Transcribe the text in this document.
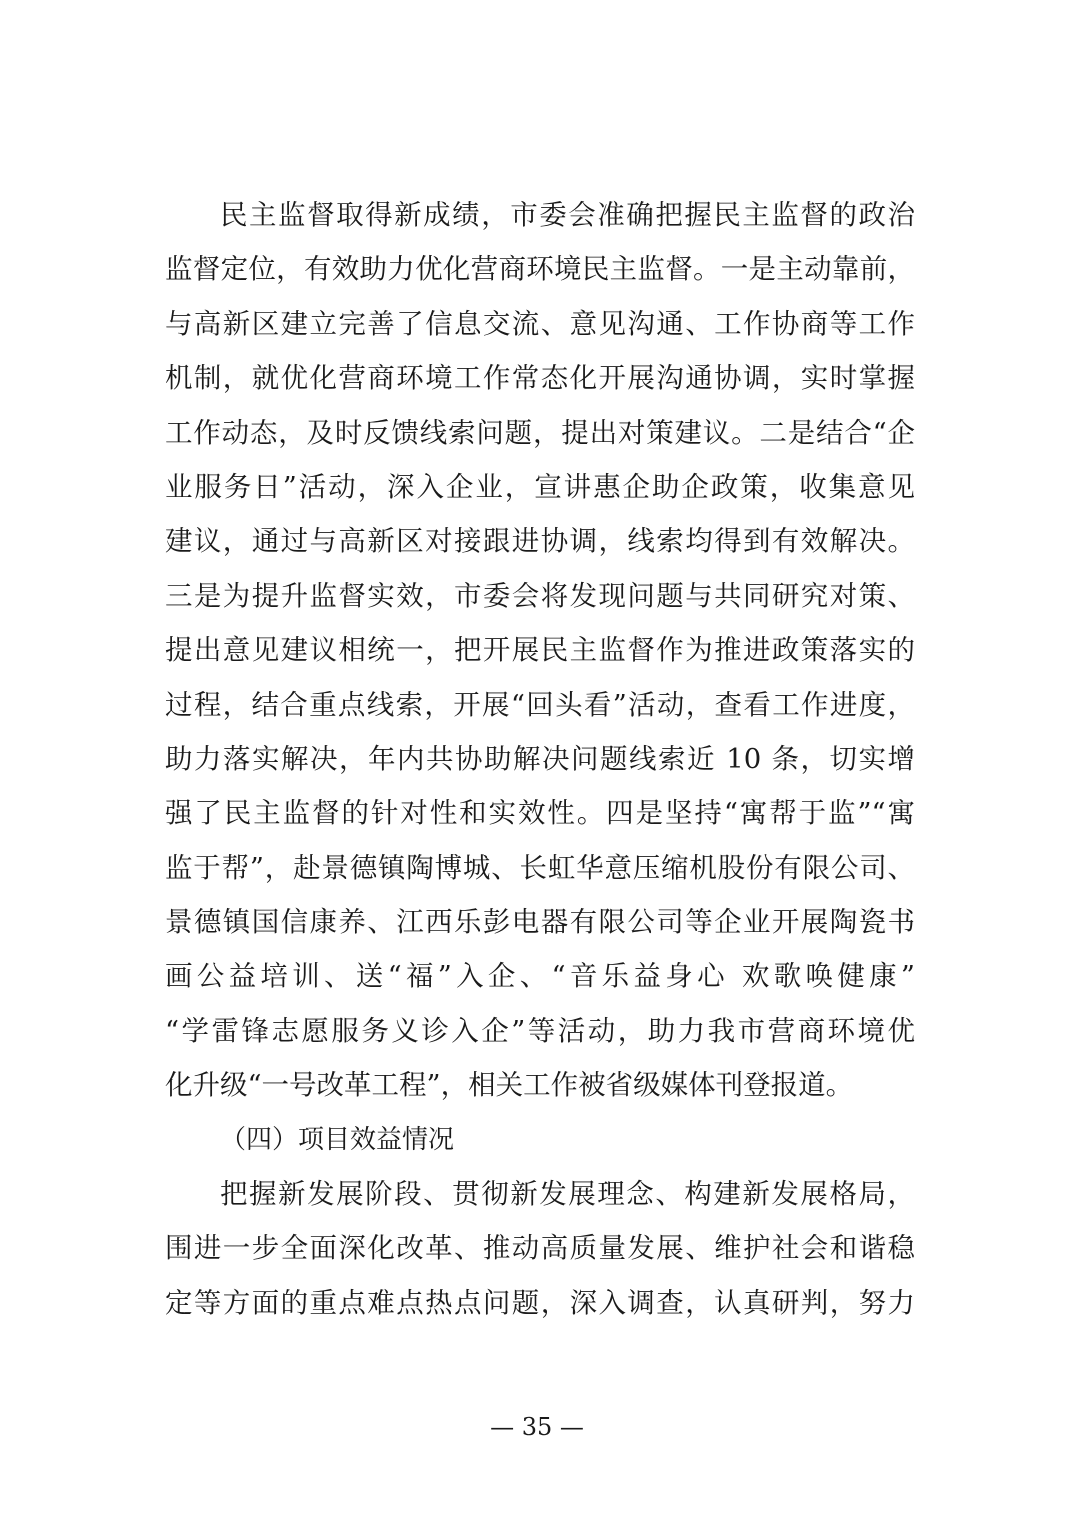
民主监督取得新成绩，市委会准确把握民主监督的政治
监督定位，有效助力优化营商环境民主监督。一是主动靠前，
与高新区建立完善了信息交流、意见沟通、工作协商等工作
机制，就优化营商环境工作常态化开展沟通协调，实时掌握
工作动态，及时反馈线索问题，提出对策建议。二是结合“企
业服务日”活动，深入企业，宣讲惠企助企政策，收集意见
建议，通过与高新区对接跟进协调，线索均得到有效解决。
三是为提升监督实效，市委会将发现问题与共同研究对策、
提出意见建议相统一，把开展民主监督作为推进政策落实的
过程，结合重点线索，开展“回头看”活动，查看工作进度，
助力落实解决，年内共协助解决问题线索近 10 条，切实增
强了民主监督的针对性和实效性。四是坚持“寓帮于监”“寓
监于帮”，赴景德镇陶博城、长虹华意压缩机股份有限公司、
景德镇国信康养、江西乐彭电器有限公司等企业开展陶瓷书
画公益培训、送“福”入企、“音乐益身心 欢歌唤健康”
“学雷锋志愿服务义诊入企”等活动，助力我市营商环境优
化升级“一号改革工程”，相关工作被省级媒体刊登报道。
（四）项目效益情况
把握新发展阶段、贯彻新发展理念、构建新发展格局，
围进一步全面深化改革、推动高质量发展、维护社会和谐稳
定等方面的重点难点热点问题，深入调查，认真研判，努力
— 35 —
